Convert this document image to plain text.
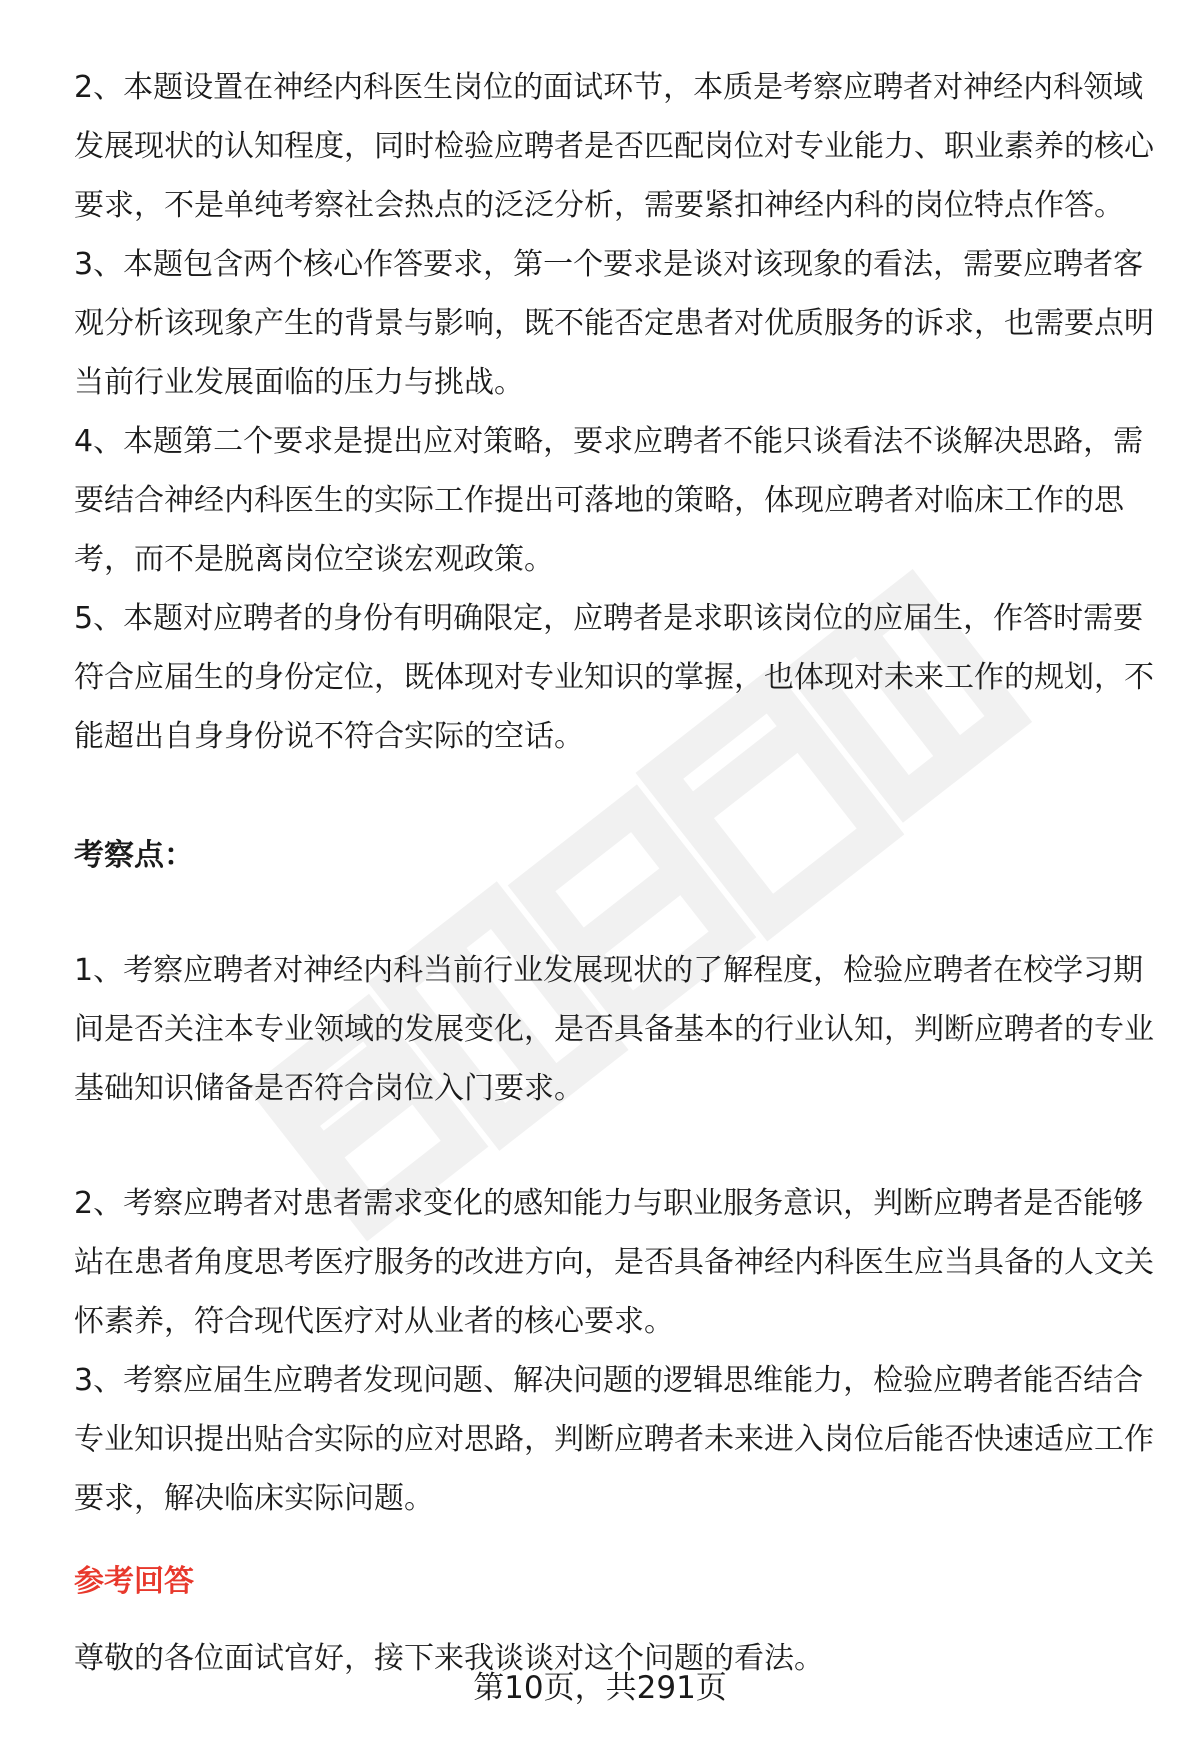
2、本题设置在神经内科医生岗位的面试环节，本质是考察应聘者对神经内科领域发展现状的认知程度，同时检验应聘者是否匹配岗位对专业能力、职业素养的核心要求，不是单纯考察社会热点的泛泛分析，需要紧扣神经内科的岗位特点作答。

3、本题包含两个核心作答要求，第一个要求是谈对该现象的看法，需要应聘者客观分析该现象产生的背景与影响，既不能否定患者对优质服务的诉求，也需要点明当前行业发展面临的压力与挑战。

4、本题第二个要求是提出应对策略，要求应聘者不能只谈看法不谈解决思路，需要结合神经内科医生的实际工作提出可落地的策略，体现应聘者对临床工作的思考，而不是脱离岗位空谈宏观政策。

5、本题对应聘者的身份有明确限定，应聘者是求职该岗位的应届生，作答时需要符合应届生的身份定位，既体现对专业知识的掌握，也体现对未来工作的规划，不能超出自身身份说不符合实际的空话。

考察点：

1、考察应聘者对神经内科当前行业发展现状的了解程度，检验应聘者在校学习期间是否关注本专业领域的发展变化，是否具备基本的行业认知，判断应聘者的专业基础知识储备是否符合岗位入门要求。

2、考察应聘者对患者需求变化的感知能力与职业服务意识，判断应聘者是否能够站在患者角度思考医疗服务的改进方向，是否具备神经内科医生应当具备的人文关怀素养，符合现代医疗对从业者的核心要求。

3、考察应届生应聘者发现问题、解决问题的逻辑思维能力，检验应聘者能否结合专业知识提出贴合实际的应对思路，判断应聘者未来进入岗位后能否快速适应工作要求，解决临床实际问题。

参考回答

尊敬的各位面试官好，接下来我谈谈对这个问题的看法。

第10页，共291页
